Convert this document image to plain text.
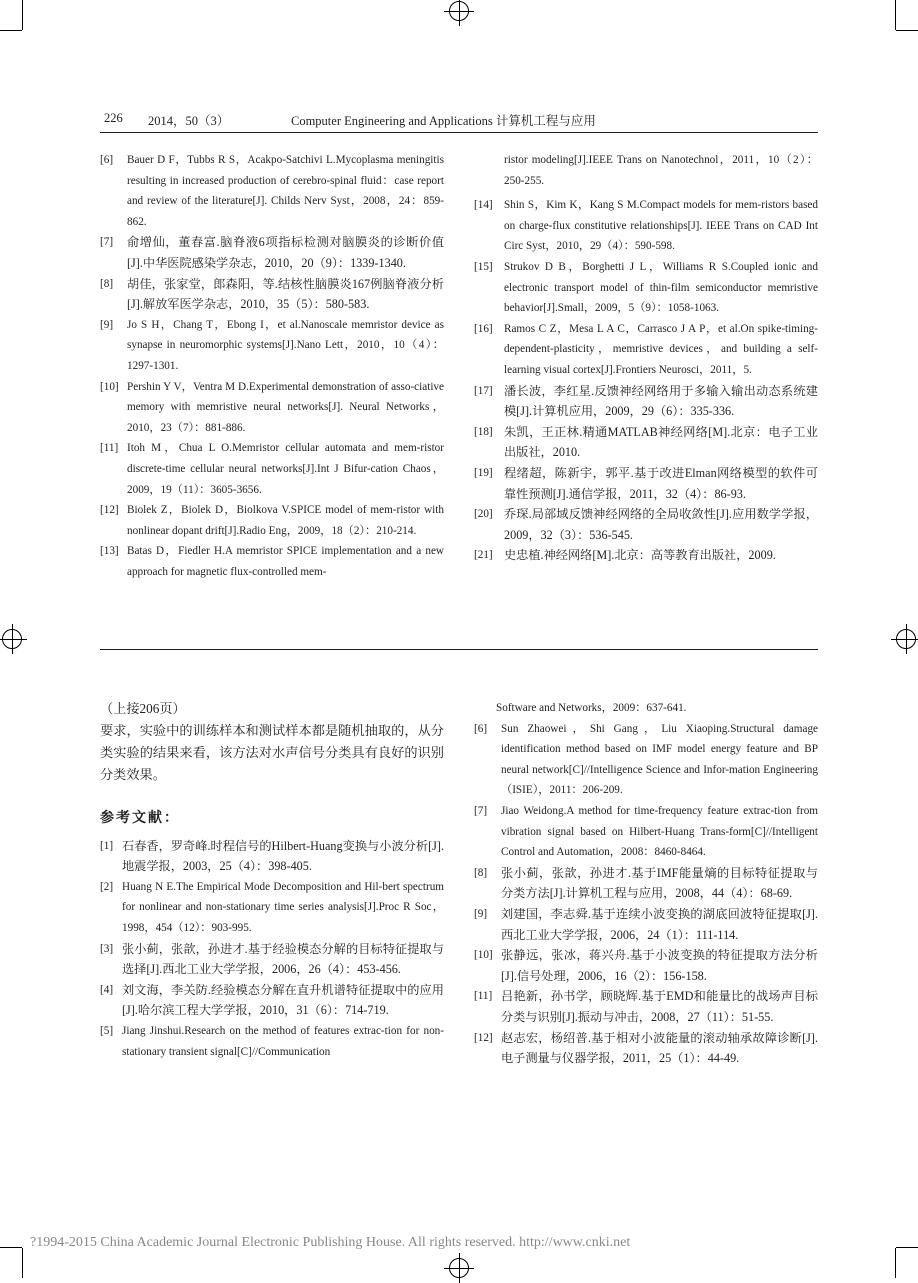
226 2014，50（3）	Computer Engineering and Applications 计算机工程与应用
[6]	Bauer D F，Tubbs R S，Acakpo-Satchivi L.Mycoplasma meningitis resulting in increased production of cerebro-spinal fluid：case report and review of the literature[J]. Childs Nerv Syst，2008，24：859-862.
[7]	俞增仙，董春富.脑脊液6项指标检测对脑膜炎的诊断价值[J].中华医院感染学杂志，2010，20（9）：1339-1340.
[8]	胡佳，张家堂，郎森阳，等.结核性脑膜炎167例脑脊液分析[J].解放军医学杂志，2010，35（5）：580-583.
[9]	Jo S H，Chang T，Ebong I，et al.Nanoscale memristor device as synapse in neuromorphic systems[J].Nano Lett，2010，10（4）：1297-1301.
[10] Pershin Y V，Ventra M D.Experimental demonstration of asso-ciative memory with memristive neural networks[J]. Neural Networks，2010，23（7）：881-886.
[11] Itoh M，Chua L O.Memristor cellular automata and mem-ristor discrete-time cellular neural networks[J].Int J Bifur-cation Chaos，2009，19（11）：3605-3656.
[12] Biolek Z，Biolek D，Biolkova V.SPICE model of mem-ristor with nonlinear dopant drift[J].Radio Eng，2009，18（2）：210-214.
[13] Batas D，Fiedler H.A memristor SPICE implementation and a new approach for magnetic flux-controlled mem-
ristor modeling[J].IEEE Trans on Nanotechnol，2011，10（2）：250-255.
[14]	Shin S，Kim K，Kang S M.Compact models for mem-ristors based on charge-flux constitutive relationships[J]. IEEE Trans on CAD Int Circ Syst，2010，29（4）：590-598.
[15]	Strukov D B，Borghetti J L，Williams R S.Coupled ionic and electronic transport model of thin-film semiconductor memristive behavior[J].Small，2009，5（9）：1058-1063.
[16]	Ramos C Z，Mesa L A C，Carrasco J A P，et al.On spike-timing-dependent-plasticity，memristive devices，and building a self-learning visual cortex[J].Frontiers Neurosci，2011，5.
[17] 潘长波，李红星.反馈神经网络用于多输入输出动态系统建模[J].计算机应用，2009，29（6）：335-336.
[18] 朱凯，王正林.精通MATLAB神经网络[M].北京：电子工业出版社，2010.
[19] 程绪超，陈新宇，郭平.基于改进Elman网络模型的软件可靠性预测[J].通信学报，2011，32（4）：86-93.
[20] 乔琛.局部域反馈神经网络的全局收敛性[J].应用数学学报，2009，32（3）：536-545.
[21] 史忠植.神经网络[M].北京：高等教育出版社，2009.
（上接206页）
要求，实验中的训练样本和测试样本都是随机抽取的，从分类实验的结果来看，该方法对水声信号分类具有良好的识别分类效果。
参考文献：
[1] 石春香，罗奇峰.时程信号的Hilbert-Huang变换与小波分析[J].地震学报，2003，25（4）：398-405.
[2] Huang N E.The Empirical Mode Decomposition and Hil-bert spectrum for nonlinear and non-stationary time series analysis[J].Proc R Soc，1998，454（12）：903-995.
[3] 张小蓟，张歆，孙进才.基于经验模态分解的目标特征提取与选择[J].西北工业大学学报，2006，26（4）：453-456.
[4] 刘文海，李关防.经验模态分解在直升机谱特征提取中的应用[J].哈尔滨工程大学学报，2010，31（6）：714-719.
[5] Jiang Jinshui.Research on the method of features extrac-tion for non-stationary transient signal[C]//Communication
Software and Networks，2009：637-641.
[6]	Sun Zhaowei，Shi Gang，Liu Xiaoping.Structural damage identification method based on IMF model energy feature and BP neural network[C]//Intelligence Science and Infor-mation Engineering（ISIE），2011：206-209.
[7]	Jiao Weidong.A method for time-frequency feature extrac-tion from vibration signal based on Hilbert-Huang Trans-form[C]//Intelligent Control and Automation，2008：8460-8464.
[8]	张小蓟，张歆，孙进才.基于IMF能量熵的目标特征提取与分类方法[J].计算机工程与应用，2008，44（4）：68-69.
[9]	刘建国，李志舜.基于连续小波变换的湖底回波特征提取[J].西北工业大学学报，2006，24（1）：111-114.
[10] 张静远，张冰，蒋兴舟.基于小波变换的特征提取方法分析[J].信号处理，2006，16（2）：156-158.
[11] 吕艳新，孙书学，顾晓辉.基于EMD和能量比的战场声目标分类与识别[J].振动与冲击，2008，27（11）：51-55.
[12] 赵志宏，杨绍普.基于相对小波能量的滚动轴承故障诊断[J].电子测量与仪器学报，2011，25（1）：44-49.
?1994-2015 China Academic Journal Electronic Publishing House. All rights reserved. http://www.cnki.net
